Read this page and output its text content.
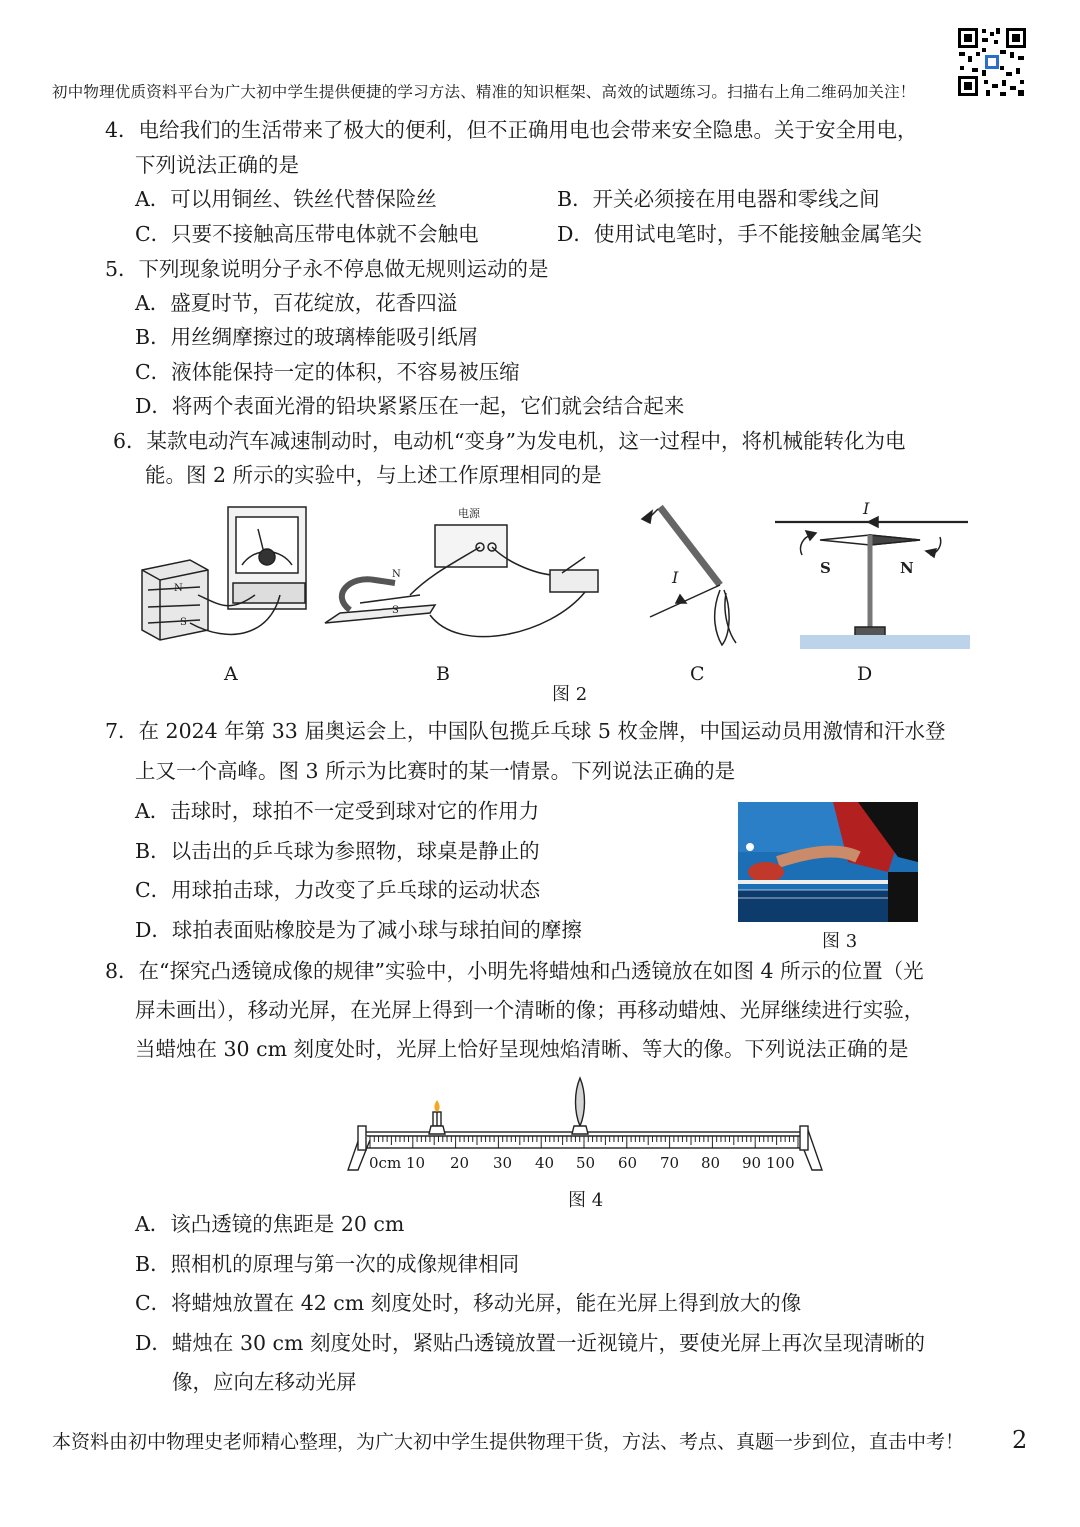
初中物理优质资料平台为广大初中学生提供便捷的学习方法、精准的知识框架、高效的试题练习。扫描右上角二维码加关注！
4．电给我们的生活带来了极大的便利，但不正确用电也会带来安全隐患。关于安全用电，
下列说法正确的是
A．可以用铜丝、铁丝代替保险丝	B．开关必须接在用电器和零线之间
C．只要不接触高压带电体就不会触电	D．使用试电笔时，手不能接触金属笔尖
5．下列现象说明分子永不停息做无规则运动的是
A．盛夏时节，百花绽放，花香四溢
B．用丝绸摩擦过的玻璃棒能吸引纸屑
C．液体能保持一定的体积，不容易被压缩
D．将两个表面光滑的铅块紧紧压在一起，它们就会结合起来
6．某款电动汽车减速制动时，电动机“变身”为发电机，这一过程中，将机械能转化为电
能。图 2 所示的实验中，与上述工作原理相同的是
N
S
电源
N
S
I
I
S	N
A	B	C	D
图 2
7．在 2024 年第 33 届奥运会上，中国队包揽乒乓球 5 枚金牌，中国运动员用激情和汗水登
上又一个高峰。图 3 所示为比赛时的某一情景。下列说法正确的是
A．击球时，球拍不一定受到球对它的作用力
B．以击出的乒乓球为参照物，球桌是静止的
C．用球拍击球，力改变了乒乓球的运动状态
D．球拍表面贴橡胶是为了减小球与球拍间的摩擦	图 3
8．在“探究凸透镜成像的规律”实验中，小明先将蜡烛和凸透镜放在如图 4 所示的位置（光
屏未画出），移动光屏，在光屏上得到一个清晰的像；再移动蜡烛、光屏继续进行实验，
当蜡烛在 30 cm 刻度处时，光屏上恰好呈现烛焰清晰、等大的像。下列说法正确的是
0cm 10 20 30 40 50 60 70 80 90 100
图 4
A．该凸透镜的焦距是 20 cm
B．照相机的原理与第一次的成像规律相同
C．将蜡烛放置在 42 cm 刻度处时，移动光屏，能在光屏上得到放大的像
D．蜡烛在 30 cm 刻度处时，紧贴凸透镜放置一近视镜片，要使光屏上再次呈现清晰的
像，应向左移动光屏
本资料由初中物理史老师精心整理，为广大初中学生提供物理干货，方法、考点、真题一步到位，直击中考！ 2
